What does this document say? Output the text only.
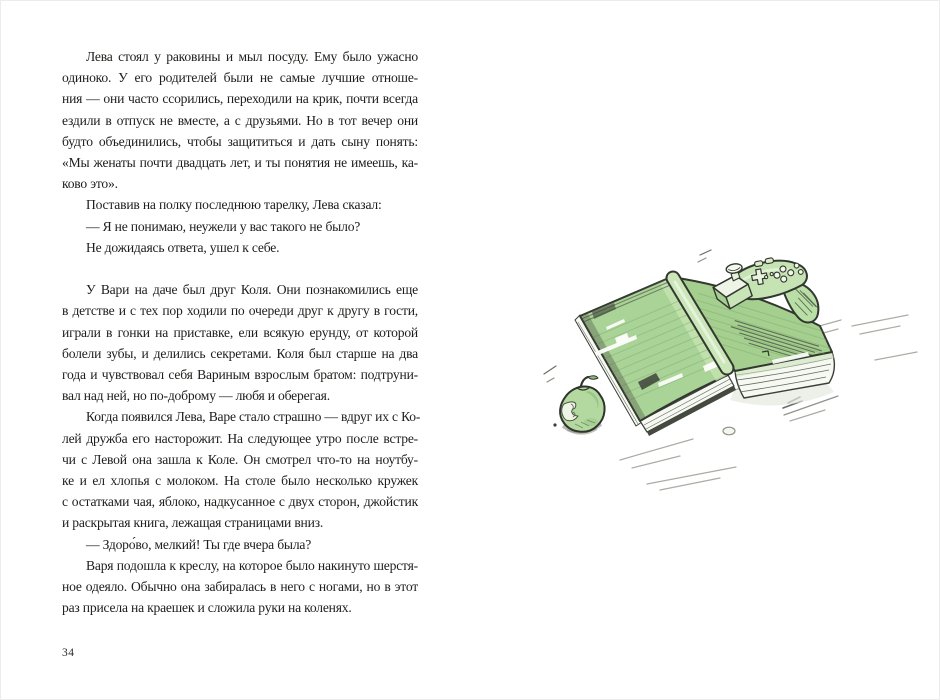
Лева стоял у раковины и мыл посуду. Ему было ужасно
одиноко. У его родителей были не самые лучшие отноше-
ния — они часто ссорились, переходили на крик, почти всегда
ездили в отпуск не вместе, а с друзьями. Но в тот вечер они
будто объединились, чтобы защититься и дать сыну понять:
«Мы женаты почти двадцать лет, и ты понятия не имеешь, ка-
ково это».
Поставив на полку последнюю тарелку, Лева сказал:
— Я не понимаю, неужели у вас такого не было?
Не дожидаясь ответа, ушел к себе.
У Вари на даче был друг Коля. Они познакомились еще
в детстве и с тех пор ходили по очереди друг к другу в гости,
играли в гонки на приставке, ели всякую ерунду, от которой
болели зубы, и делились секретами. Коля был старше на два
года и чувствовал себя Вариным взрослым братом: подтруни-
вал над ней, но по-доброму — любя и оберегая.
Когда появился Лева, Варе стало страшно — вдруг их с Ко-
лей дружба его насторожит. На следующее утро после встре-
чи с Левой она зашла к Коле. Он смотрел что-то на ноутбу-
ке и ел хлопья с молоком. На столе было несколько кружек
с остатками чая, яблоко, надкусанное с двух сторон, джойстик
и раскрытая книга, лежащая страницами вниз.
— Здоро́во, мелкий! Ты где вчера была?
Варя подошла к креслу, на которое было накинуто шерстя-
ное одеяло. Обычно она забиралась в него с ногами, но в этот
раз присела на краешек и сложила руки на коленях.
34
